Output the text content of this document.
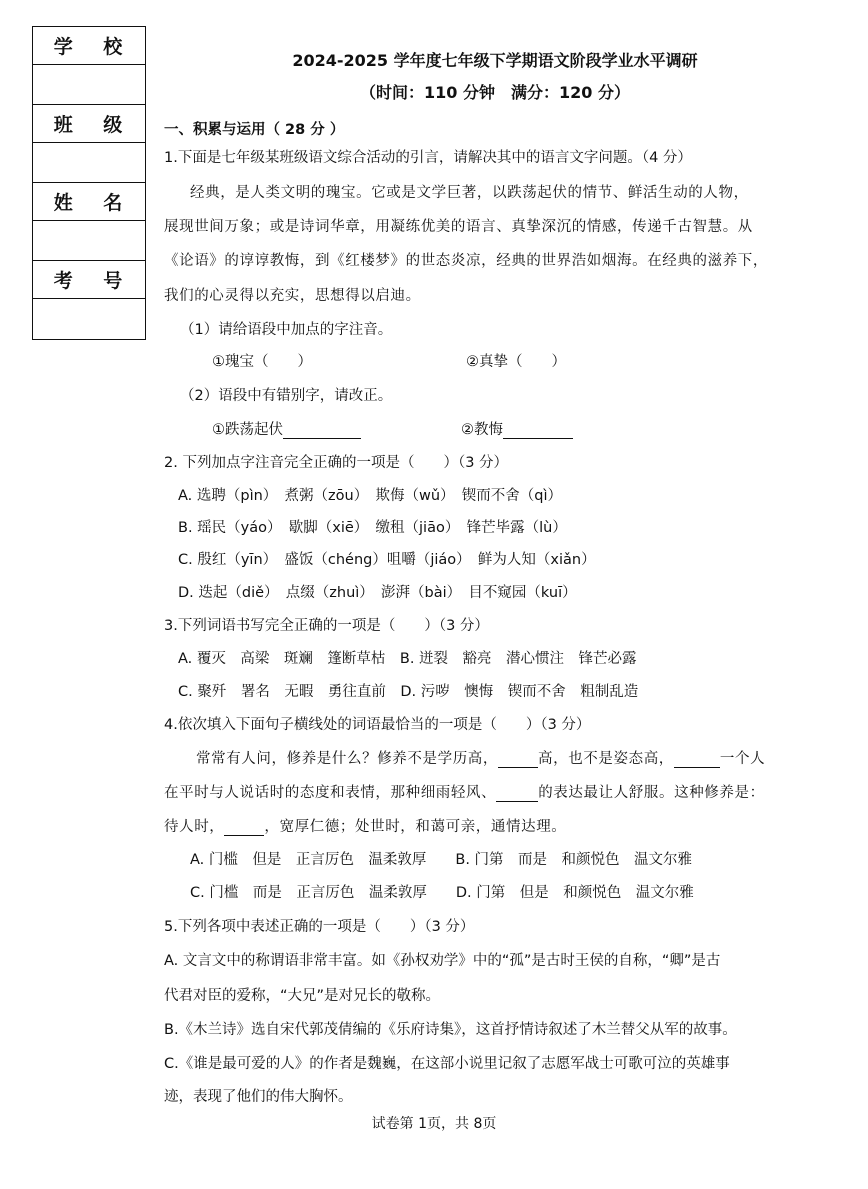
学 校
班 级
姓 名
考 号
2024-2025 学年度七年级下学期语文阶段学业水平调研
（时间：110 分钟　满分：120 分）
一、积累与运用（ 28 分 ）
1.下面是七年级某班级语文综合活动的引言，请解决其中的语言文字问题。（4 分）
经典，是人类文明的瑰宝。它或是文学巨著，以跌荡起伏的情节、鲜活生动的人物，
展现世间万象；或是诗词华章，用凝练优美的语言、真挚深沉的情感，传递千古智慧。从
《论语》的谆谆教悔，到《红楼梦》的世态炎凉，经典的世界浩如烟海。在经典的滋养下，
我们的心灵得以充实，思想得以启迪。
（1）请给语段中加点的字注音。
①瑰宝（　　）	②真挚（　　）
（2）语段中有错别字，请改正。
①跌荡起伏	②教悔
2. 下列加点字注音完全正确的一项是（　　）（3 分）
A. 选聘（pìn）　煮粥（zōu）　欺侮（wǔ）　锲而不舍（qì）
B. 瑶民（yáo）　歇脚（xiē）　缴租（jiāo）　锋芒毕露（lù）
C. 殷红（yīn）　盛饭（chéng）咀嚼（jiáo）　鲜为人知（xiǎn）
D. 迭起（diě）　点缀（zhuì）　澎湃（bài）　目不窥园（kuī）
3.下列词语书写完全正确的一项是（　　）（3 分）
A. 覆灭　高梁　斑斓　篷断草枯　B. 迸裂　豁亮　潜心惯注　锋芒必露
C. 聚歼　署名　无暇　勇往直前　D. 污哕　懊悔　锲而不舍　粗制乱造
4.依次填入下面句子横线处的词语最恰当的一项是（　　）（3 分）
常常有人问，修养是什么？修养不是学历高，	高，也不是姿态高，	一个人
在平时与人说话时的态度和表情，那种细雨轻风、	的表达最让人舒服。这种修养是：
待人时，	，宽厚仁德；处世时，和蔼可亲，通情达理。
A. 门槛　但是　正言厉色　温柔敦厚　　B. 门第　而是　和颜悦色　温文尔雅
C. 门槛　而是　正言厉色　温柔敦厚　　D. 门第　但是　和颜悦色　温文尔雅
5.下列各项中表述正确的一项是（　　）（3 分）
A. 文言文中的称谓语非常丰富。如《孙权劝学》中的“孤”是古时王侯的自称，“卿”是古
代君对臣的爱称，“大兄”是对兄长的敬称。
B.《木兰诗》选自宋代郭茂倩编的《乐府诗集》，这首抒情诗叙述了木兰替父从军的故事。
C.《谁是最可爱的人》的作者是魏巍，在这部小说里记叙了志愿军战士可歌可泣的英雄事
迹，表现了他们的伟大胸怀。
试卷第 1页，共 8页
